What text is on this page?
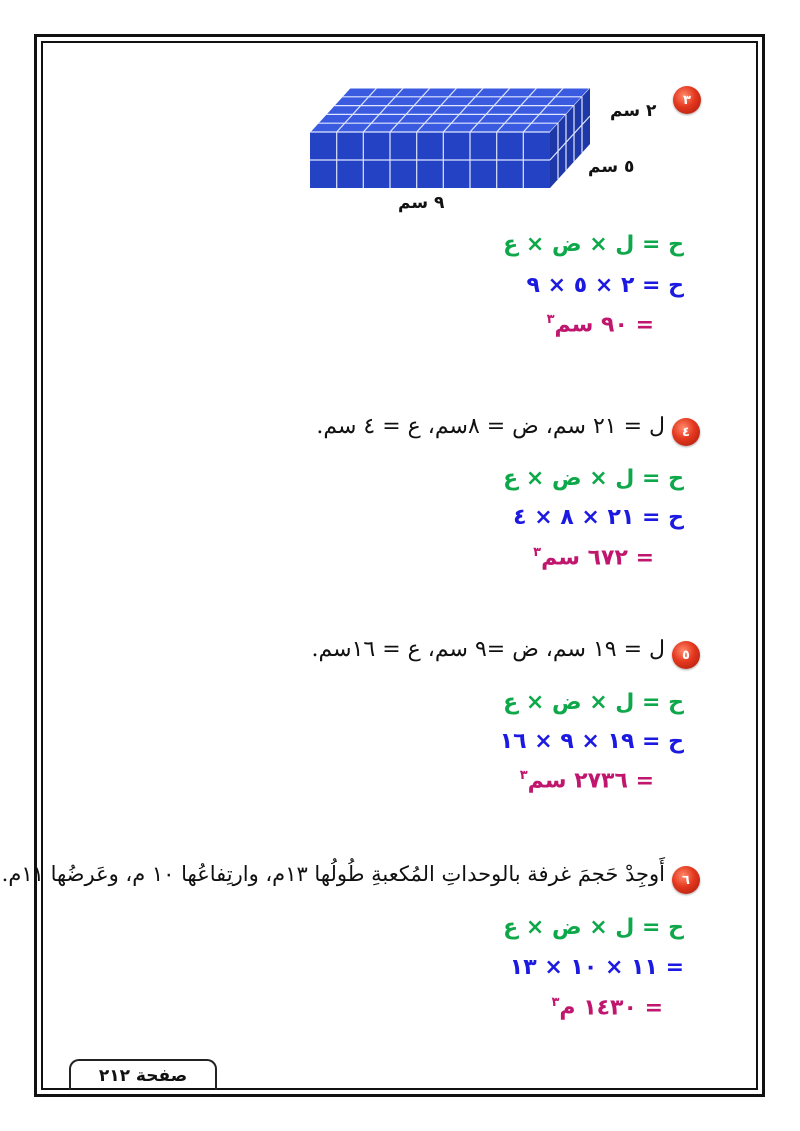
٣
٢ سم
٥ سم
٩ سم
ح = ل × ض × ع
ح = ٢ × ٥ × ٩
= ٩٠ سم$^٣$
٤
ل = ٢١ سم، ض = ٨سم، ع = ٤ سم.
ح = ل × ض × ع
ح = ٢١ × ٨ × ٤
= ٦٧٢ سم$^٣$
٥
ل = ١٩ سم، ض =٩ سم، ع = ١٦سم.
ح = ل × ض × ع
ح = ١٩ × ٩ × ١٦
= ٢٧٣٦ سم$^٣$
٦
أَوجِدْ حَجمَ غرفة بالوحداتِ المُكعبةِ طُولُها ١٣م، وارتِفاعُها ١٠ م، وعَرضُها ١١م.
ح = ل × ض × ع
= ١١ × ١٠ × ١٣
= ١٤٣٠ م$^٣$
صفحة ٢١٢
